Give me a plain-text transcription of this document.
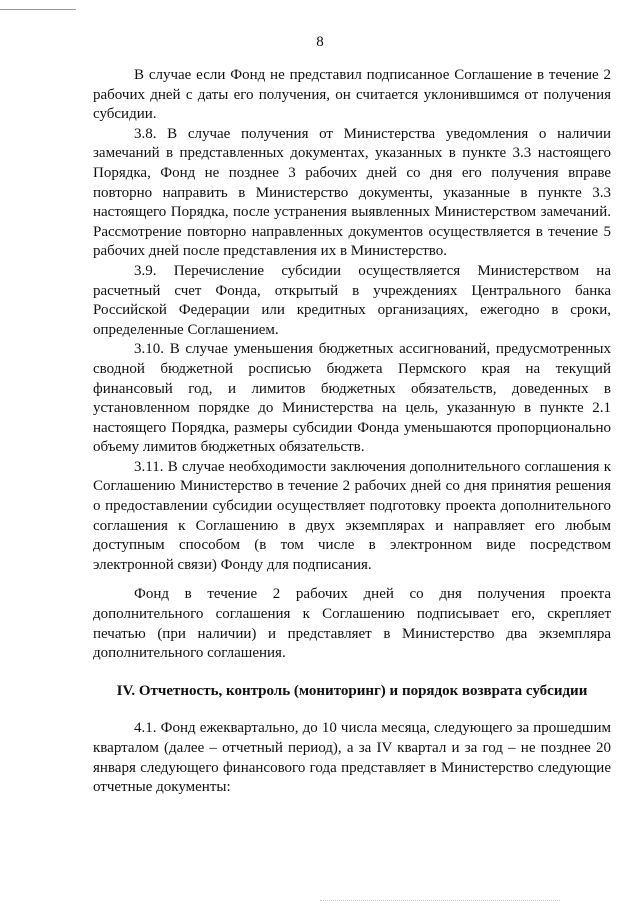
8

В случае если Фонд не представил подписанное Соглашение в течение 2 рабочих дней с даты его получения, он считается уклонившимся от получения субсидии.

3.8. В случае получения от Министерства уведомления о наличии замечаний в представленных документах, указанных в пункте 3.3 настоящего Порядка, Фонд не позднее 3 рабочих дней со дня его получения вправе повторно направить в Министерство документы, указанные в пункте 3.3 настоящего Порядка, после устранения выявленных Министерством замечаний. Рассмотрение повторно направленных документов осуществляется в течение 5 рабочих дней после представления их в Министерство.

3.9. Перечисление субсидии осуществляется Министерством на расчетный счет Фонда, открытый в учреждениях Центрального банка Российской Федерации или кредитных организациях, ежегодно в сроки, определенные Соглашением.

3.10. В случае уменьшения бюджетных ассигнований, предусмотренных сводной бюджетной росписью бюджета Пермского края на текущий финансовый год, и лимитов бюджетных обязательств, доведенных в установленном порядке до Министерства на цель, указанную в пункте 2.1 настоящего Порядка, размеры субсидии Фонда уменьшаются пропорционально объему лимитов бюджетных обязательств.

3.11. В случае необходимости заключения дополнительного соглашения к Соглашению Министерство в течение 2 рабочих дней со дня принятия решения о предоставлении субсидии осуществляет подготовку проекта дополнительного соглашения к Соглашению в двух экземплярах и направляет его любым доступным способом (в том числе в электронном виде посредством электронной связи) Фонду для подписания.

Фонд в течение 2 рабочих дней со дня получения проекта дополнительного соглашения к Соглашению подписывает его, скрепляет печатью (при наличии) и представляет в Министерство два экземпляра дополнительного соглашения.

IV. Отчетность, контроль (мониторинг) и порядок возврата субсидии

4.1. Фонд ежеквартально, до 10 числа месяца, следующего за прошедшим кварталом (далее – отчетный период), а за IV квартал и за год – не позднее 20 января следующего финансового года представляет в Министерство следующие отчетные документы:
